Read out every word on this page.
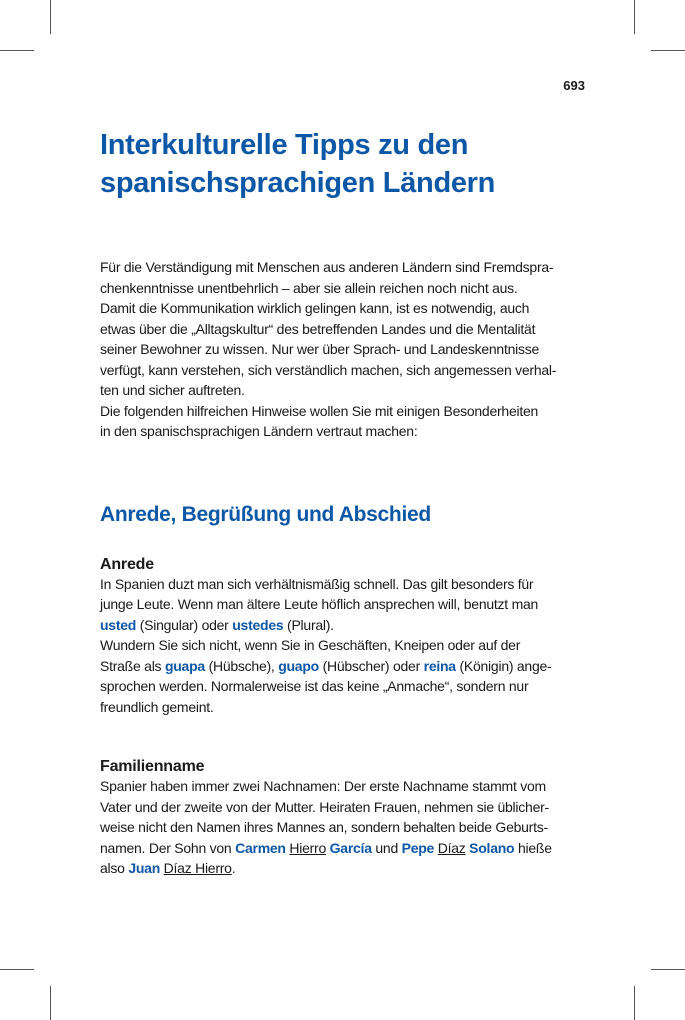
693
Interkulturelle Tipps zu den
spanischsprachigen Ländern

Für die Verständigung mit Menschen aus anderen Ländern sind Fremdspra-

chenkenntnisse unentbehrlich – aber sie allein reichen noch nicht aus.

Damit die Kommunikation wirklich gelingen kann, ist es notwendig, auch

etwas über die „Alltagskultur“ des betreffenden Landes und die Mentalität

seiner Bewohner zu wissen. Nur wer über Sprach- und Landeskenntnisse

verfügt, kann verstehen, sich verständlich machen, sich angemessen verhal-

ten und sicher auftreten.

Die folgenden hilfreichen Hinweise wollen Sie mit einigen Besonderheiten

in den spanischsprachigen Ländern vertraut machen:

Anrede, Begrüßung und Abschied
Anrede

In Spanien duzt man sich verhältnismäßig schnell. Das gilt besonders für

junge Leute. Wenn man ältere Leute höflich ansprechen will, benutzt man

usted (Singular) oder ustedes (Plural).

Wundern Sie sich nicht, wenn Sie in Geschäften, Kneipen oder auf der

Straße als guapa (Hübsche), guapo (Hübscher) oder reina (Königin) ange-

sprochen werden. Normalerweise ist das keine „Anmache“, sondern nur

freundlich gemeint.

Familienname

Spanier haben immer zwei Nachnamen: Der erste Nachname stammt vom

Vater und der zweite von der Mutter. Heiraten Frauen, nehmen sie üblicher-

weise nicht den Namen ihres Mannes an, sondern behalten beide Geburts-

namen. Der Sohn von Carmen Hierro García und Pepe Díaz Solano hieße

also Juan Díaz Hierro.
